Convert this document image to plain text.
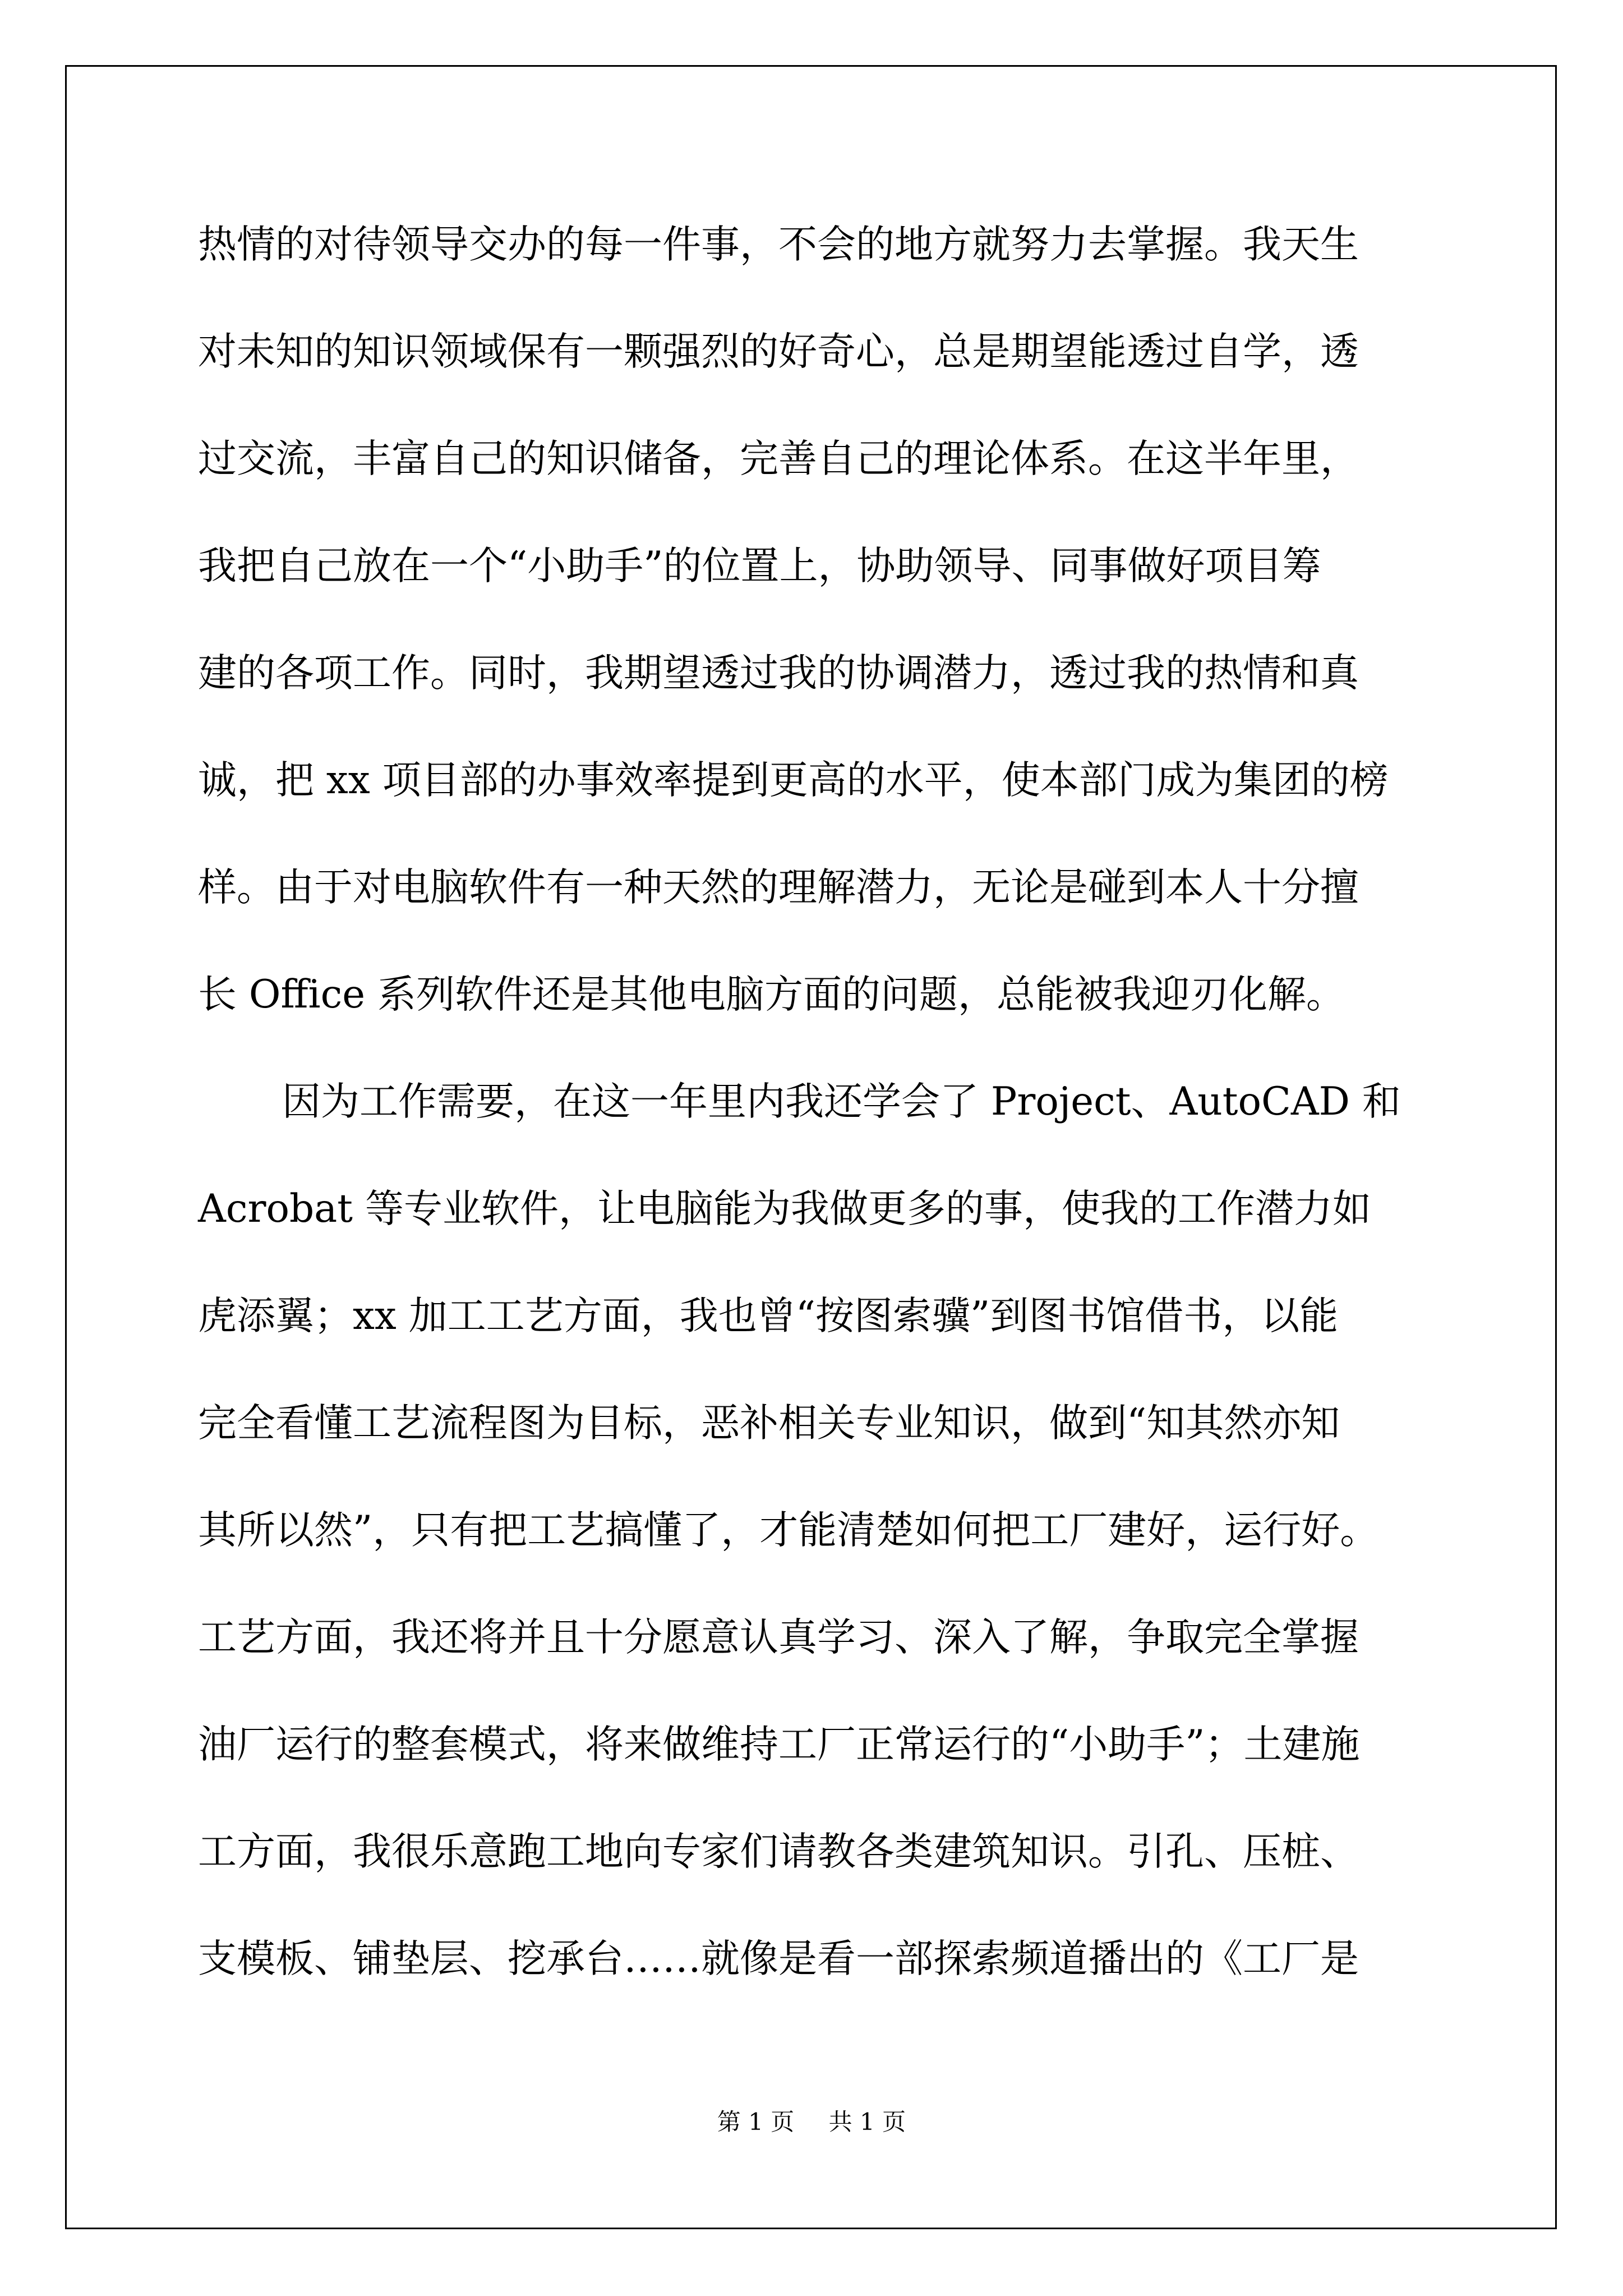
热情的对待领导交办的每一件事，不会的地方就努力去掌握。我天生
对未知的知识领域保有一颗强烈的好奇心，总是期望能透过自学，透
过交流，丰富自己的知识储备，完善自己的理论体系。在这半年里，
我把自己放在一个“小助手”的位置上，协助领导、同事做好项目筹
建的各项工作。同时，我期望透过我的协调潜力，透过我的热情和真
诚，把 xx 项目部的办事效率提到更高的水平，使本部门成为集团的榜
样。由于对电脑软件有一种天然的理解潜力，无论是碰到本人十分擅
长 Office 系列软件还是其他电脑方面的问题，总能被我迎刃化解。
因为工作需要，在这一年里内我还学会了 Project、AutoCAD 和
Acrobat 等专业软件，让电脑能为我做更多的事，使我的工作潜力如
虎添翼；xx 加工工艺方面，我也曾“按图索骥”到图书馆借书，以能
完全看懂工艺流程图为目标，恶补相关专业知识，做到“知其然亦知
其所以然”，只有把工艺搞懂了，才能清楚如何把工厂建好，运行好。
工艺方面，我还将并且十分愿意认真学习、深入了解，争取完全掌握
油厂运行的整套模式，将来做维持工厂正常运行的“小助手”；土建施
工方面，我很乐意跑工地向专家们请教各类建筑知识。引孔、压桩、
支模板、铺垫层、挖承台……就像是看一部探索频道播出的《工厂是
第 1 页 共 1 页
